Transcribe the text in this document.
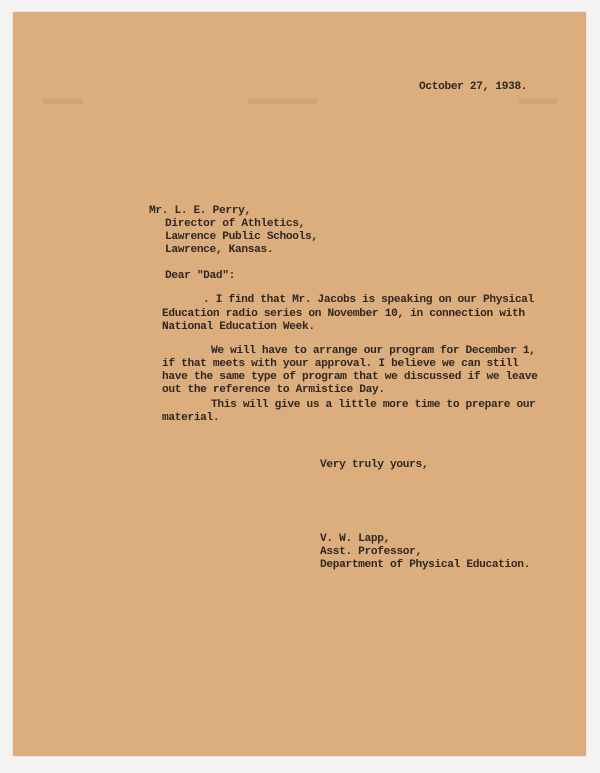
October 27, 1938.
Mr. L. E. Perry,
Director of Athletics,
Lawrence Public Schools,
Lawrence, Kansas.
Dear "Dad":
. I find that Mr. Jacobs is speaking on our Physical
Education radio series on November 10, in connection with
National Education Week.
We will have to arrange our program for December 1,
if that meets with your approval. I believe we can still
have the same type of program that we discussed if we leave
out the reference to Armistice Day.
This will give us a little more time to prepare our
material.
Very truly yours,
V. W. Lapp,
Asst. Professor,
Department of Physical Education.
